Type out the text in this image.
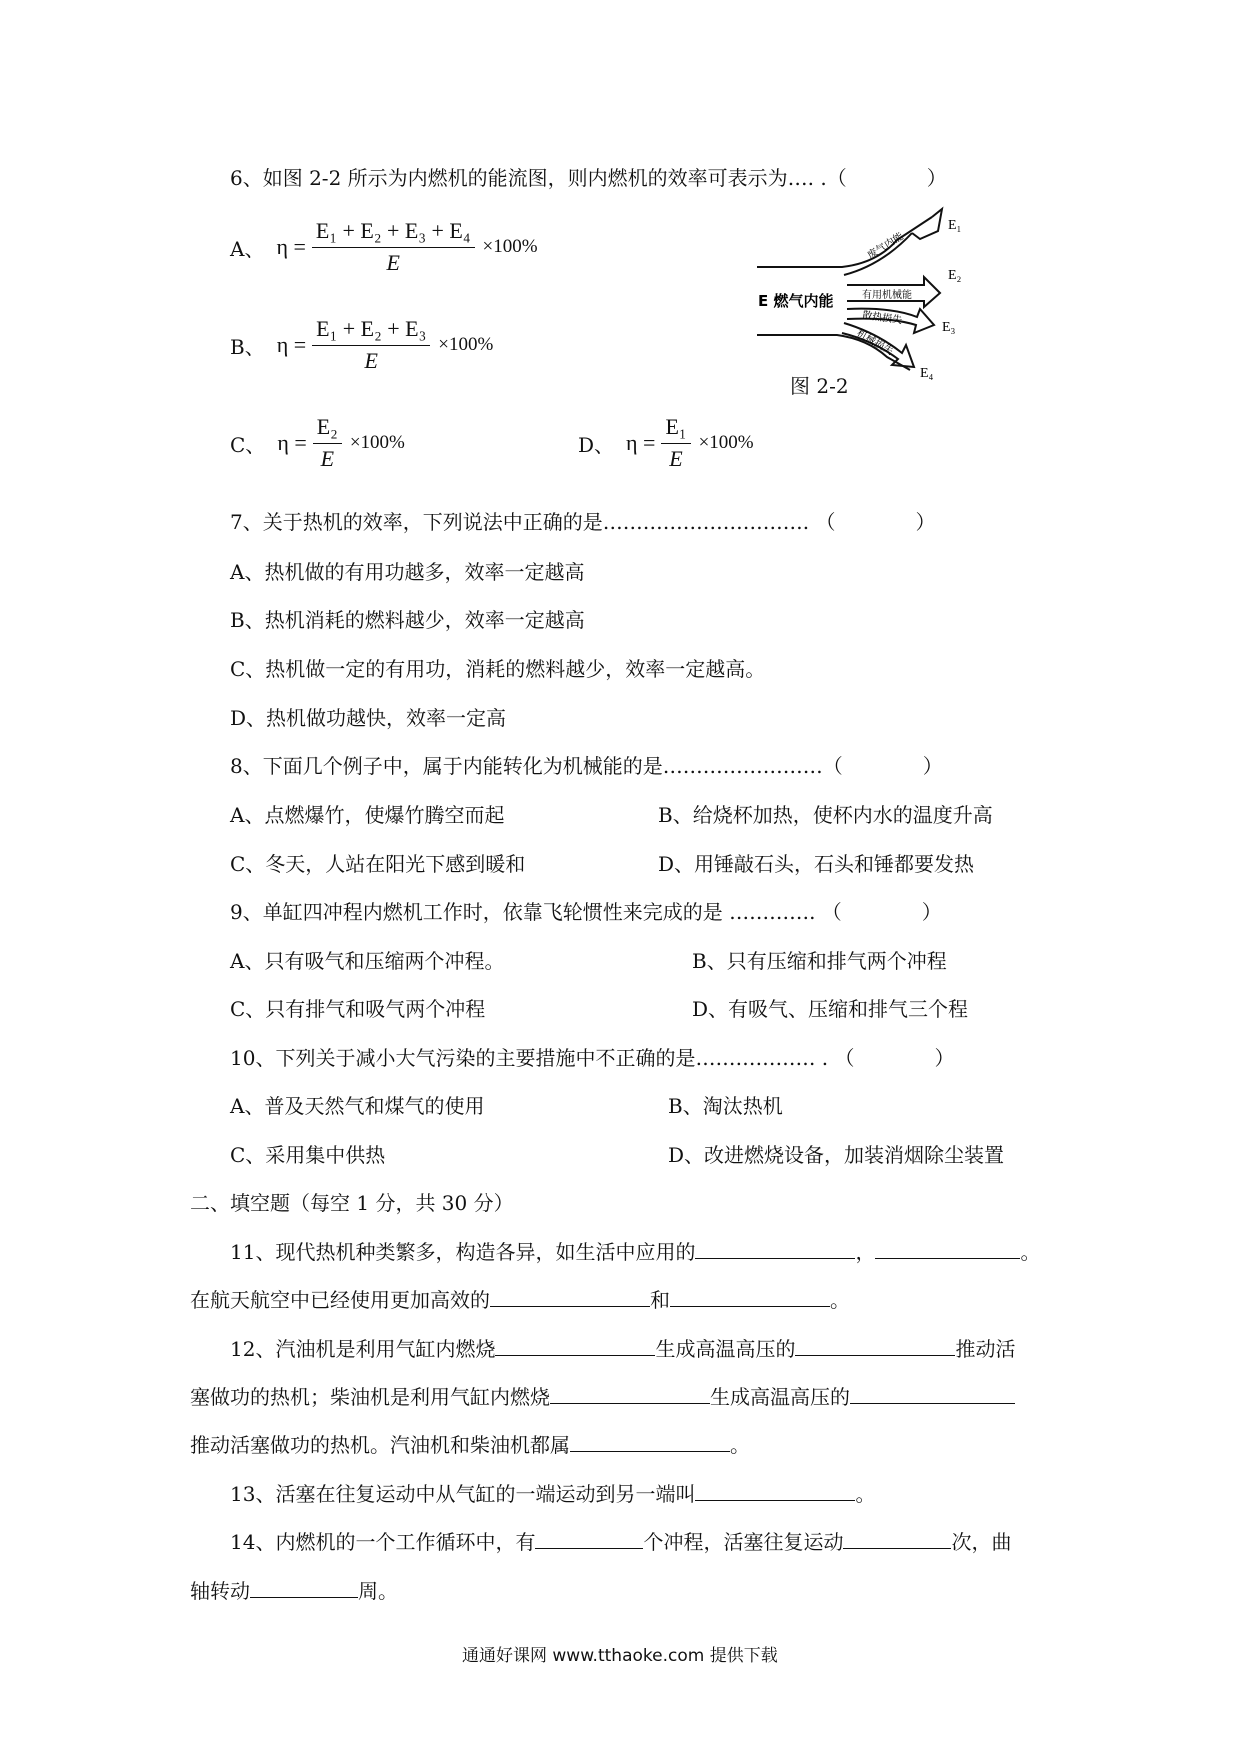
6、如图 2-2 所示为内燃机的能流图，则内燃机的效率可表示为…. .（　　　　）
A、 $\eta = \frac{\text{E₁ + E₂ + E₃ + E₄}}{E} \times 100\%$
B、 $\eta = \frac{\text{E₁ + E₂ + E₃}}{E} \times 100\%$
C、 $\eta = \frac{\text{E₂}}{E} \times 100\%$	D、 $\eta = \frac{\text{E₁}}{E} \times 100\%$
E 燃气内能
废气内能
有用机械能
散热损失
机械损失
E₁
E₂
E₃
E₄
图 2-2
7、关于热机的效率，下列说法中正确的是…………………………. （　　　　）
A、热机做的有用功越多，效率一定越高
B、热机消耗的燃料越少，效率一定越高
C、热机做一定的有用功，消耗的燃料越少，效率一定越高。
D、热机做功越快，效率一定高
8、下面几个例子中，属于内能转化为机械能的是……………………（　　　　）
A、点燃爆竹，使爆竹腾空而起	B、给烧杯加热，使杯内水的温度升高
C、冬天，人站在阳光下感到暖和	D、用锤敲石头，石头和锤都要发热
9、单缸四冲程内燃机工作时，依靠飞轮惯性来完成的是 …………. （　　　　）
A、只有吸气和压缩两个冲程。	B、只有压缩和排气两个冲程
C、只有排气和吸气两个冲程	D、有吸气、压缩和排气三个程
10、下列关于减小大气污染的主要措施中不正确的是……………… . （　　　　）
A、普及天然气和煤气的使用	B、淘汰热机
C、采用集中供热	D、改进燃烧设备，加装消烟除尘装置
二、填空题（每空 1 分，共 30 分）
11、现代热机种类繁多，构造各异，如生活中应用的	，	。
在航天航空中已经使用更加高效的	和	。
12、汽油机是利用气缸内燃烧	生成高温高压的	推动活
塞做功的热机；柴油机是利用气缸内燃烧	生成高温高压的
推动活塞做功的热机。汽油机和柴油机都属	。
13、活塞在往复运动中从气缸的一端运动到另一端叫	。
14、内燃机的一个工作循环中，有	个冲程，活塞往复运动	次，曲
轴转动	周。
通通好课网 www.tthaoke.com 提供下载
